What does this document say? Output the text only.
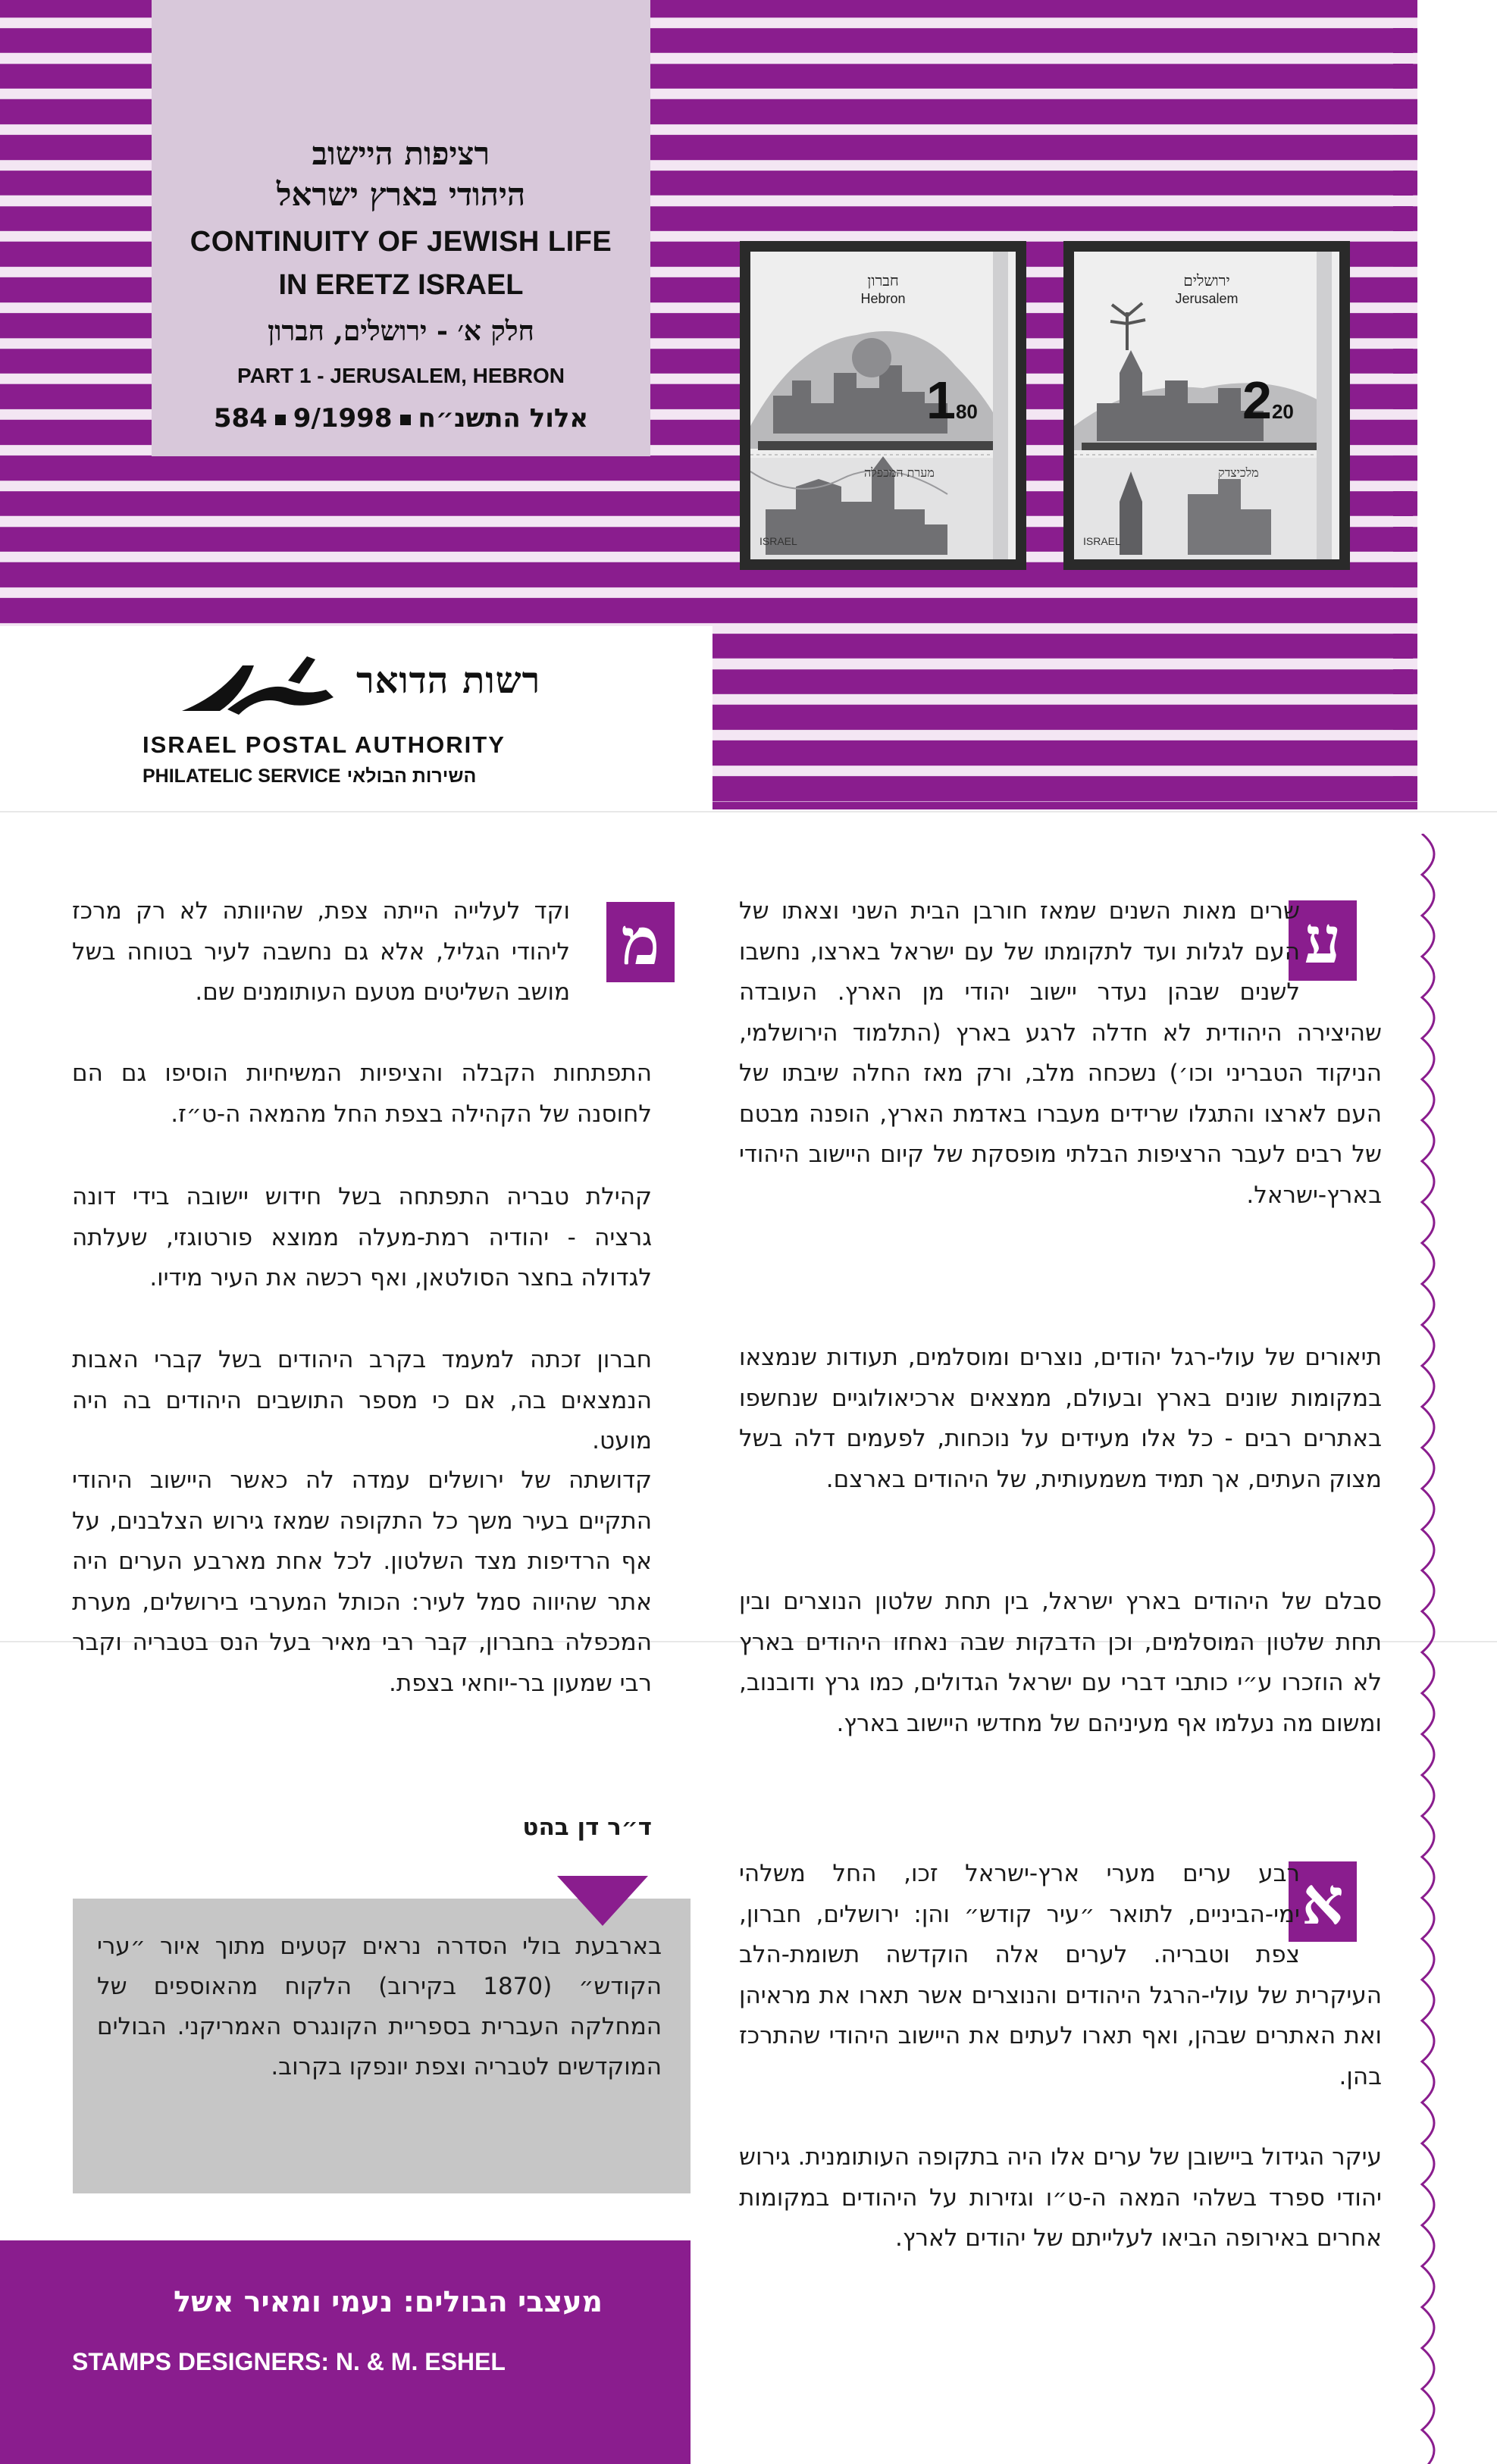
רציפות היישוב
היהודי בארץ ישראל
CONTINUITY OF JEWISH LIFE
IN ERETZ ISRAEL
חלק א׳ - ירושלים, חברון
PART 1 - JERUSALEM, HEBRON
אלול התשנ״ח9/1998584
חברון
Hebron
180
ISRAEL
מערת המכפלה
ירושלים
Jerusalem
220
ISRAEL
מלכיצדק
רשות הדואר
ISRAEL POSTAL AUTHORITY
PHILATELIC SERVICE השירות הבולאי
ע
שרים מאות השנים שמאז חורבן הבית השני וצאתו של העם לגלות ועד לתקומתו של עם ישראל בארצו, נחשבו לשנים שבהן נעדר יישוב יהודי מן הארץ. העובדה שהיצירה היהודית לא חדלה לרגע בארץ (התלמוד הירושלמי, הניקוד הטבריני וכו׳) נשכחה מלב, ורק מאז החלה שיבתו של העם לארצו והתגלו שרידים מעברו באדמת הארץ, הופנה מבטם של רבים לעבר הרציפות הבלתי מופסקת של קיום היישוב היהודי בארץ-ישראל.
תיאורים של עולי-רגל יהודים, נוצרים ומוסלמים, תעודות שנמצאו במקומות שונים בארץ ובעולם, ממצאים ארכיאולוגיים שנחשפו באתרים רבים - כל אלו מעידים על נוכחות, לפעמים דלה בשל מצוק העתים, אך תמיד משמעותית, של היהודים בארצם.
סבלם של היהודים בארץ ישראל, בין תחת שלטון הנוצרים ובין תחת שלטון המוסלמים, וכן הדבקות שבה נאחזו היהודים בארץ לא הוזכרו ע״י כותבי דברי עם ישראל הגדולים, כמו גרץ ודובנוב, ומשום מה נעלמו אף מעיניהם של מחדשי היישוב בארץ.
א
רבע ערים מערי ארץ-ישראל זכו, החל משלהי ימי-הביניים, לתואר ״עיר קודש״ והן: ירושלים, חברון, צפת וטבריה. לערים אלה הוקדשה תשומת-הלב העיקרית של עולי-הרגל היהודים והנוצרים אשר תארו את מראיהן ואת האתרים שבהן, ואף תארו לעתים את היישוב היהודי שהתרכז בהן.
עיקר הגידול ביישובן של ערים אלו היה בתקופה העותומנית. גירוש יהודי ספרד בשלהי המאה ה-ט״ו וגזירות על היהודים במקומות אחרים באירופה הביאו לעלייתם של יהודים לארץ.
מ
וקד לעלייה הייתה צפת, שהיוותה לא רק מרכז ליהודי הגליל, אלא גם נחשבה לעיר בטוחה בשל מושב השליטים מטעם העותומנים שם.
התפתחות הקבלה והציפיות המשיחיות הוסיפו גם הם לחוסנה של הקהילה בצפת החל מהמאה ה-ט״ז.
קהילת טבריה התפתחה בשל חידוש יישובה בידי דונה גרציה - יהודיה רמת-מעלה ממוצא פורטוגזי, שעלתה לגדולה בחצר הסולטאן, ואף רכשה את העיר מידיו.
חברון זכתה למעמד בקרב היהודים בשל קברי האבות הנמצאים בה, אם כי מספר התושבים היהודים בה היה מועט.
קדושתה של ירושלים עמדה לה כאשר היישוב היהודי התקיים בעיר משך כל התקופה שמאז גירוש הצלבנים, על אף הרדיפות מצד השלטון. לכל אחת מארבע הערים היה אתר שהיווה סמל לעיר: הכותל המערבי בירושלים, מערת המכפלה בחברון, קבר רבי מאיר בעל הנס בטבריה וקבר רבי שמעון בר-יוחאי בצפת.
ד״ר דן בהט
בארבעת בולי הסדרה נראים קטעים מתוך איור ״ערי הקודש״ (1870 בקירוב) הלקוח מהאוספים של המחלקה העברית בספריית הקונגרס האמריקני. הבולים המוקדשים לטבריה וצפת יונפקו בקרוב.
מעצבי הבולים: נעמי ומאיר אשל
STAMPS DESIGNERS: N. & M. ESHEL
